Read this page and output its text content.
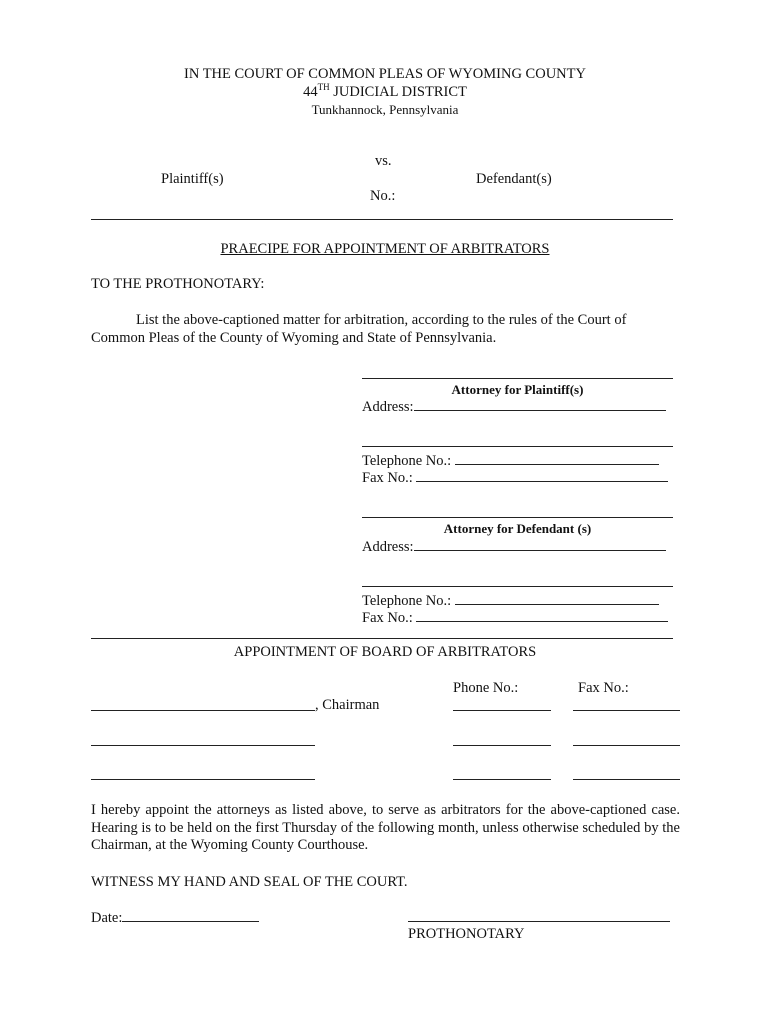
IN THE COURT OF COMMON PLEAS OF WYOMING COUNTY
44TH JUDICIAL DISTRICT
Tunkhannock, Pennsylvania
vs.
Plaintiff(s)	Defendant(s)
No.:
PRAECIPE FOR APPOINTMENT OF ARBITRATORS
TO THE PROTHONOTARY:
List the above-captioned matter for arbitration, according to the rules of the Court of Common Pleas of the County of Wyoming and State of Pennsylvania.
Attorney for Plaintiff(s)
Address:
Telephone No.:
Fax No.:
Attorney for Defendant (s)
Address:
Telephone No.:
Fax No.:
APPOINTMENT OF BOARD OF ARBITRATORS
Phone No.:	Fax No.:
, Chairman
I hereby appoint the attorneys as listed above, to serve as arbitrators for the above-captioned case. Hearing is to be held on the first Thursday of the following month, unless otherwise scheduled by the Chairman, at the Wyoming County Courthouse.
WITNESS MY HAND AND SEAL OF THE COURT.
Date:
PROTHONOTARY
